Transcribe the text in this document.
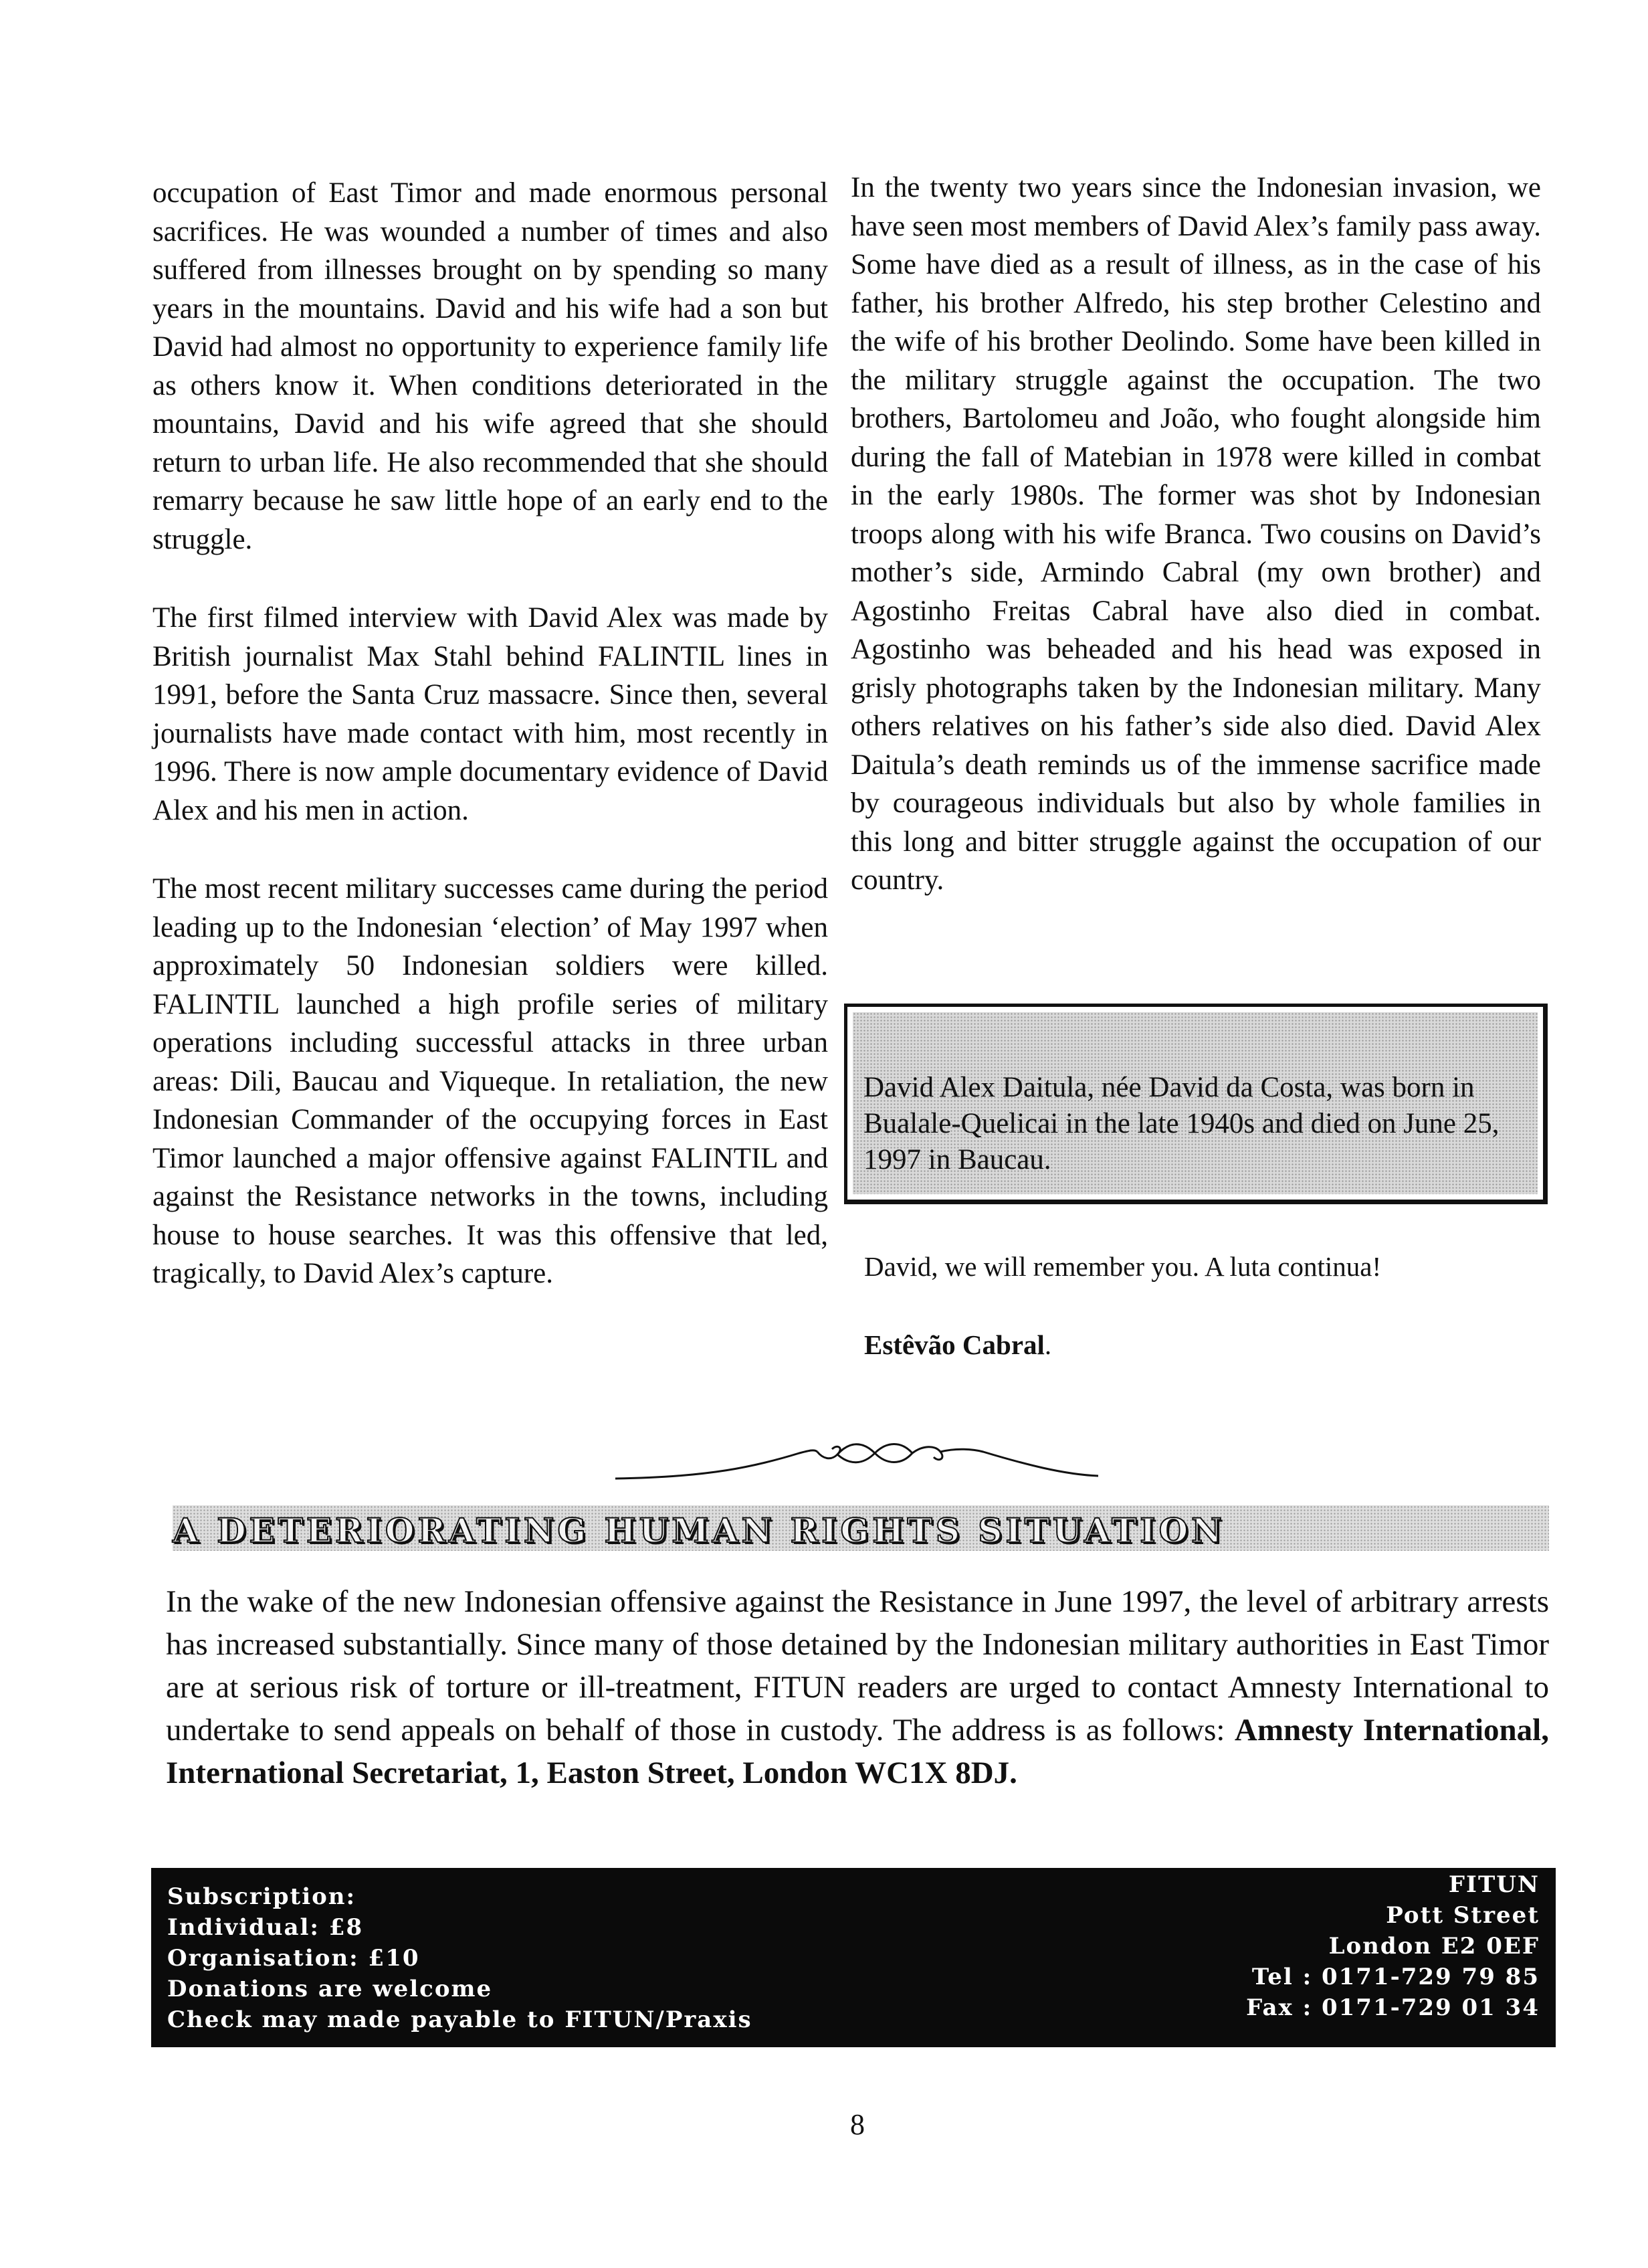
occupation of East Timor and made enormous personal sacrifices. He was wounded a number of times and also suffered from illnesses brought on by spending so many years in the mountains. David and his wife had a son but David had almost no opportunity to experience family life as others know it. When conditions deteriorated in the mountains, David and his wife agreed that she should return to urban life. He also recommended that she should remarry because he saw little hope of an early end to the struggle.

The first filmed interview with David Alex was made by British journalist Max Stahl behind FALINTIL lines in 1991, before the Santa Cruz massacre. Since then, several journalists have made contact with him, most recently in 1996. There is now ample documentary evidence of David Alex and his men in action.

The most recent military successes came during the period leading up to the Indonesian ‘election’ of May 1997 when approximately 50 Indonesian soldiers were killed. FALINTIL launched a high profile series of military operations including successful attacks in three urban areas: Dili, Baucau and Viqueque. In retaliation, the new Indonesian Commander of the occupying forces in East Timor launched a major offensive against FALINTIL and against the Resistance networks in the towns, including house to house searches. It was this offensive that led, tragically, to David Alex’s capture.

In the twenty two years since the Indonesian invasion, we have seen most members of David Alex’s family pass away. Some have died as a result of illness, as in the case of his father, his brother Alfredo, his step brother Celestino and the wife of his brother Deolindo. Some have been killed in the military struggle against the occupation. The two brothers, Bartolomeu and João, who fought alongside him during the fall of Matebian in 1978 were killed in combat in the early 1980s. The former was shot by Indonesian troops along with his wife Branca. Two cousins on David’s mother’s side, Armindo Cabral (my own brother) and Agostinho Freitas Cabral have also died in combat. Agostinho was beheaded and his head was exposed in grisly photographs taken by the Indonesian military. Many others relatives on his father’s side also died. David Alex Daitula’s death reminds us of the immense sacrifice made by courageous individuals but also by whole families in this long and bitter struggle against the occupation of our country.

David Alex Daitula, née David da Costa, was born in Bualale-Quelicai in the late 1940s and died on June 25, 1997 in Baucau.
David, we will remember you. A luta continua!
Estêvão Cabral.
A DETERIORATING HUMAN RIGHTS SITUATION
In the wake of the new Indonesian offensive against the Resistance in June 1997, the level of arbitrary arrests has increased substantially. Since many of those detained by the Indonesian military authorities in East Timor are at serious risk of torture or ill-treatment, FITUN readers are urged to contact Amnesty International to undertake to send appeals on behalf of those in custody. The address is as follows: Amnesty International, International Secretariat, 1, Easton Street, London WC1X 8DJ.
Subscription:
Individual: £8
Organisation: £10
Donations are welcome
Check may made payable to FITUN/Praxis
FITUN
Pott Street
London E2 0EF
Tel : 0171-729 79 85
Fax : 0171-729 01 34
8
